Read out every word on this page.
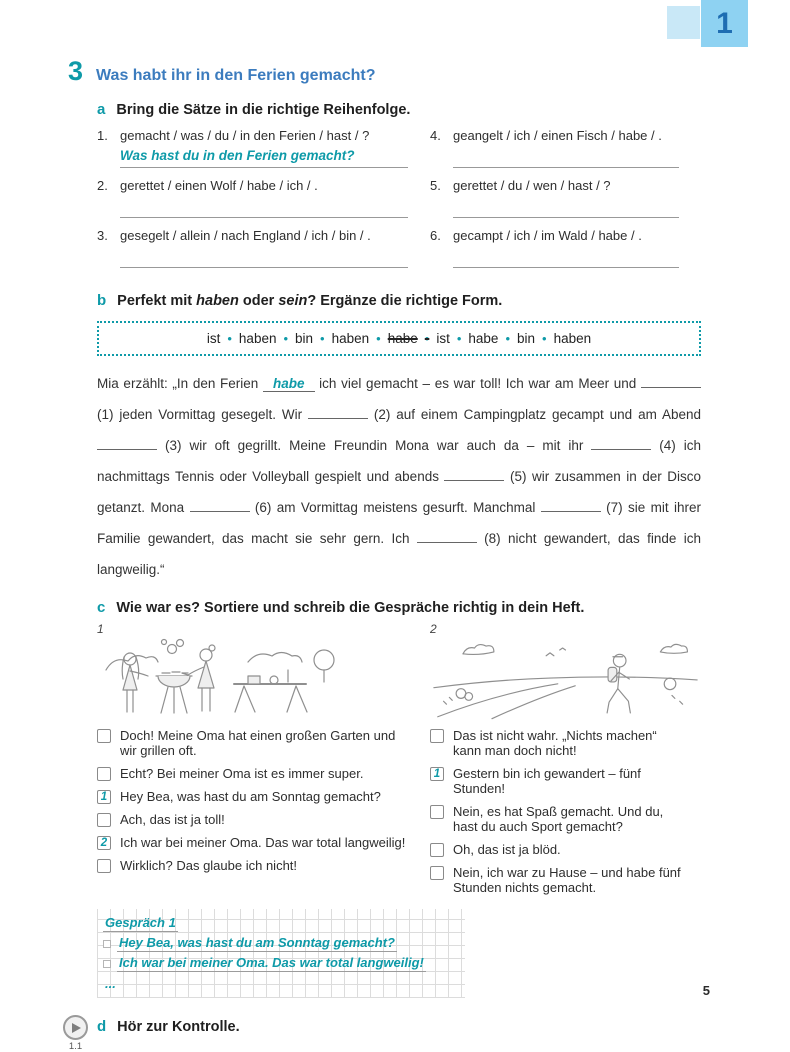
1
3 Was habt ihr in den Ferien gemacht?
a Bring die Sätze in die richtige Reihenfolge.
1. gemacht / was / du / in den Ferien / hast / ?
Was hast du in den Ferien gemacht?
2. gerettet / einen Wolf / habe / ich / .
3. gesegelt / allein / nach England / ich / bin / .
4. geangelt / ich / einen Fisch / habe / .
5. gerettet / du / wen / hast / ?
6. gecampt / ich / im Wald / habe / .
b Perfekt mit haben oder sein? Ergänze die richtige Form.
ist • haben • bin • haben • habe • ist • habe • bin • haben
Mia erzählt: „In den Ferien habe ich viel gemacht – es war toll! Ich war am Meer und  (1) jeden Vormittag gesegelt. Wir	(2) auf einem Campingplatz gecampt und am Abend  (3) wir oft gegrillt. Meine Freundin Mona war auch da – mit ihr	(4) ich nachmittags Tennis oder Volleyball gespielt und abends	(5) wir zusammen in der Disco getanzt. Mona	(6) am Vormittag meistens gesurft. Manchmal	(7) sie mit ihrer Familie gewandert, das macht sie sehr gern. Ich	(8) nicht gewandert, das finde ich langweilig.“
c Wie war es? Sortiere und schreib die Gespräche richtig in dein Heft.
1	2
Doch! Meine Oma hat einen großen Garten und wir grillen oft.
Echt? Bei meiner Oma ist es immer super.
1 Hey Bea, was hast du am Sonntag gemacht?
Ach, das ist ja toll!
2 Ich war bei meiner Oma. Das war total langweilig!
Wirklich? Das glaube ich nicht!
Das ist nicht wahr. „Nichts machen“ kann man doch nicht!
1 Gestern bin ich gewandert – fünf Stunden!
Nein, es hat Spaß gemacht. Und du, hast du auch Sport gemacht?
Oh, das ist ja blöd.
Nein, ich war zu Hause – und habe fünf Stunden nichts gemacht.
Gespräch 1
Hey Bea, was hast du am Sonntag gemacht?
Ich war bei meiner Oma. Das war total langweilig!
...
1.1
d Hör zur Kontrolle.
5
